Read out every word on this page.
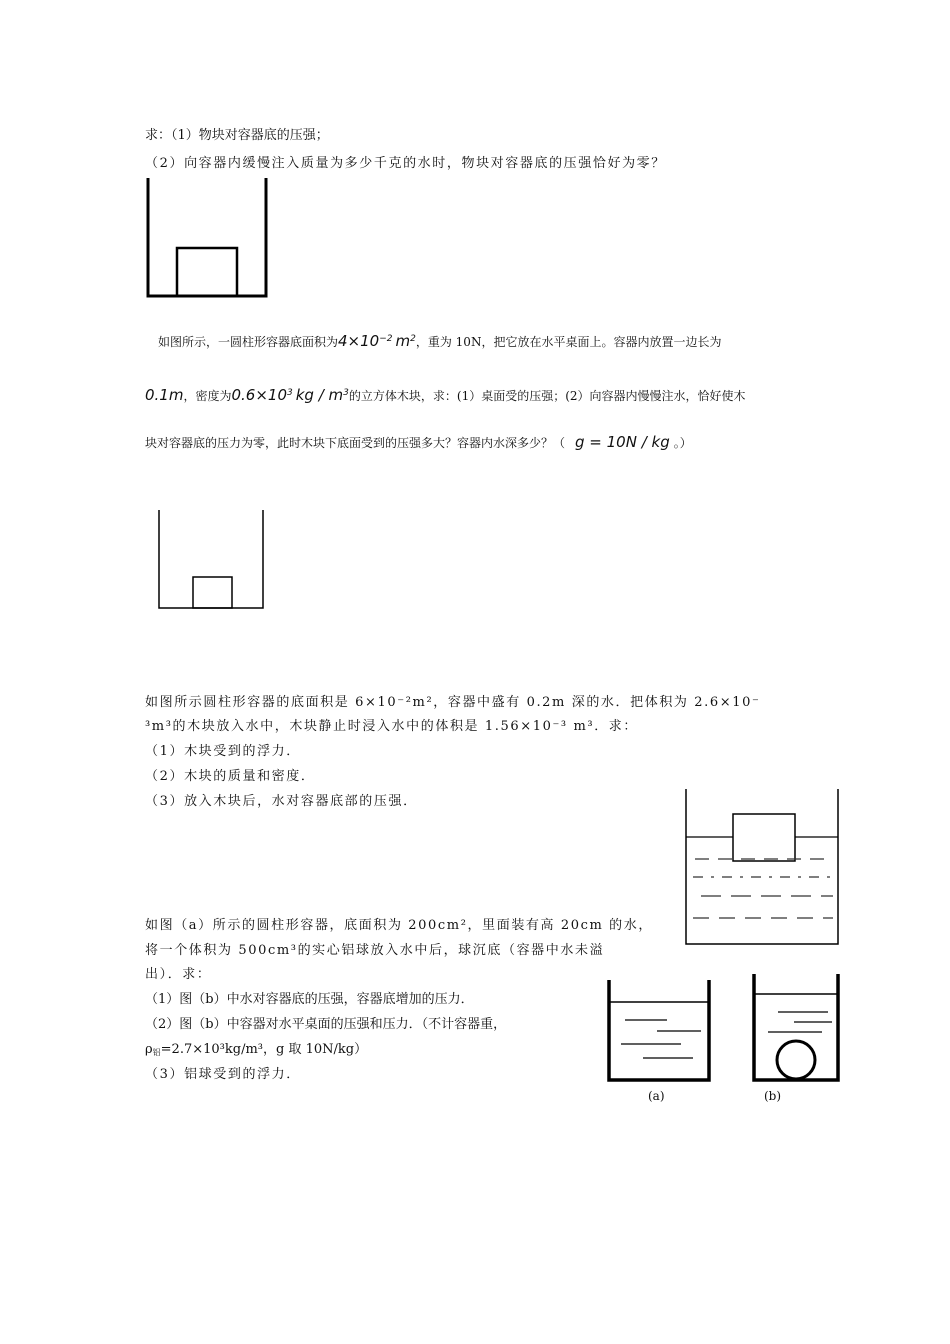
求：（1）物块对容器底的压强；
（2）向容器内缓慢注入质量为多少千克的水时，物块对容器底的压强恰好为零？
如图所示，一圆柱形容器底面积为$4\times 10^{-2}$ $m^2$，重为 10N，把它放在水平桌面上。容器内放置一边长为
0.1m，密度为$0.6\times 10^3$ kg / $m^3$的立方体木块，求：(1）桌面受的压强；(2）向容器内慢慢注水，恰好使木
块对容器底的压力为零，此时木块下底面受到的压强多大？容器内水深多少？（ g = 10N / kg 。）
如图所示圆柱形容器的底面积是 6×10⁻²m²，容器中盛有 0.2m 深的水．把体积为 2.6×10⁻
³m³的木块放入水中，木块静止时浸入水中的体积是 1.56×10⁻³ m³．求：
（1）木块受到的浮力．
（2）木块的质量和密度．
（3）放入木块后，水对容器底部的压强．
如图（a）所示的圆柱形容器，底面积为 200cm²，里面装有高 20cm 的水，
将一个体积为 500cm³的实心铝球放入水中后，球沉底（容器中水未溢
出）．求：
（1）图（b）中水对容器底的压强，容器底增加的压力．
（2）图（b）中容器对水平桌面的压强和压力．（不计容器重，
$\rho_铝=2.7\times 10^3kg/m^3$，g 取 10N/kg）
（3）铝球受到的浮力．
(a)	(b)
